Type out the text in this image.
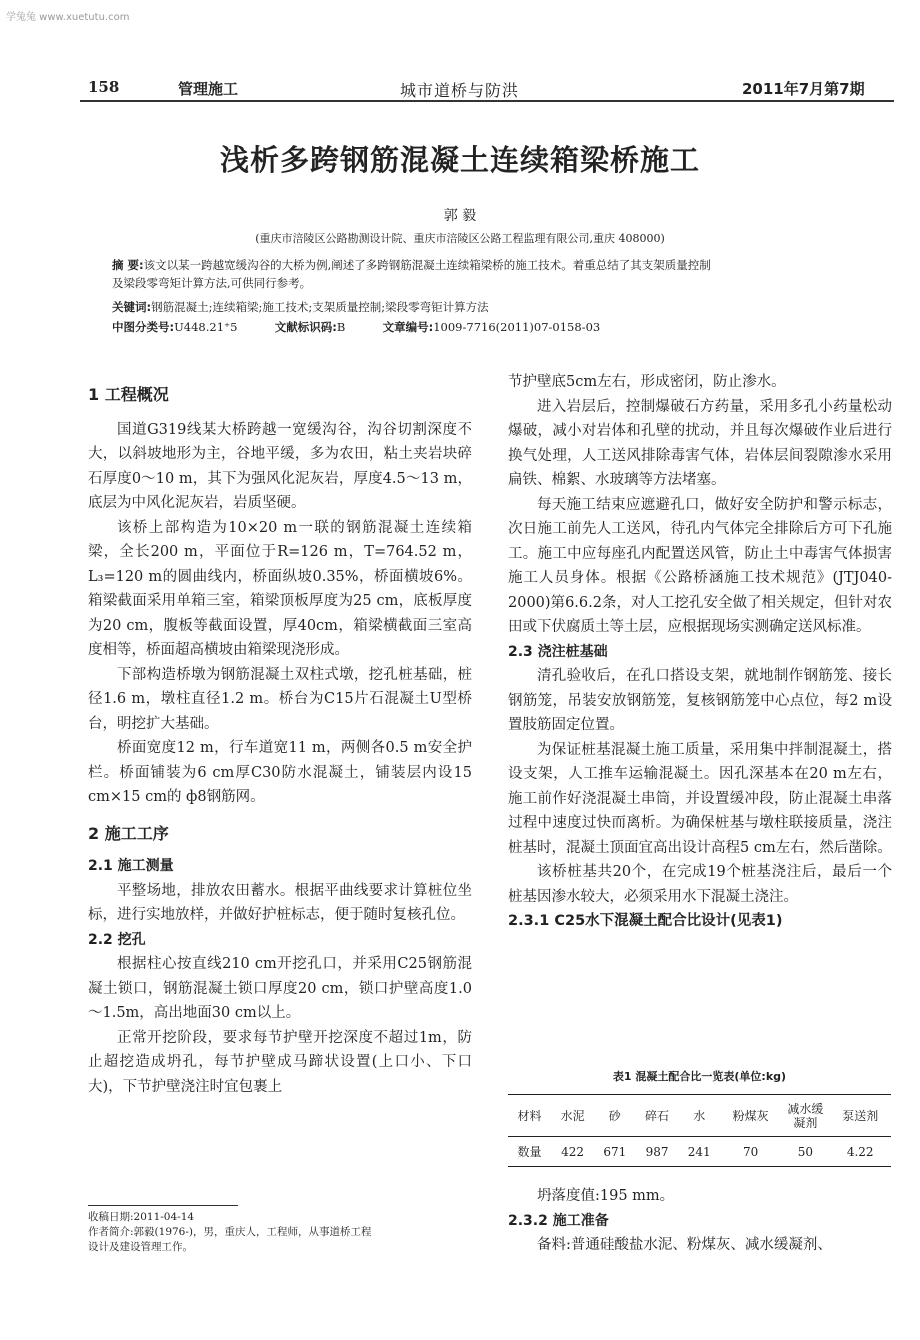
学兔兔 www.xuetutu.com
158	管理施工	城市道桥与防洪	2011年7月第7期
浅析多跨钢筋混凝土连续箱梁桥施工
郭 毅
(重庆市涪陵区公路勘测设计院、重庆市涪陵区公路工程监理有限公司,重庆 408000)
摘 要:该文以某一跨越宽缓沟谷的大桥为例,阐述了多跨钢筋混凝土连续箱梁桥的施工技术。着重总结了其支架质量控制
及梁段零弯矩计算方法,可供同行参考。
关键词:钢筋混凝土;连续箱梁;施工技术;支架质量控制;梁段零弯钜计算方法
中图分类号:U448.21⁺5	文献标识码:B	文章编号:1009-7716(2011)07-0158-03
1 工程概况

国道G319线某大桥跨越一宽缓沟谷，沟谷切割深度不大，以斜坡地形为主，谷地平缓，多为农田，粘土夹岩块碎石厚度0～10 m，其下为强风化泥灰岩，厚度4.5～13 m，底层为中风化泥灰岩，岩质坚硬。

该桥上部构造为10×20 m一联的钢筋混凝土连续箱梁，全长200 m，平面位于R=126 m，T=764.52 m，L₃=120 m的圆曲线内，桥面纵坡0.35%，桥面横坡6%。箱梁截面采用单箱三室，箱梁顶板厚度为25 cm，底板厚度为20 cm，腹板等截面设置，厚40cm，箱梁横截面三室高度相等，桥面超高横坡由箱梁现浇形成。

下部构造桥墩为钢筋混凝土双柱式墩，挖孔桩基础，桩径1.6 m，墩柱直径1.2 m。桥台为C15片石混凝土U型桥台，明挖扩大基础。

桥面宽度12 m，行车道宽11 m，两侧各0.5 m安全护栏。桥面铺装为6 cm厚C30防水混凝土，铺装层内设15 cm×15 cm的 ф8钢筋网。

2 施工工序
2.1 施工测量

平整场地，排放农田蓄水。根据平曲线要求计算桩位坐标，进行实地放样，并做好护桩标志，便于随时复核孔位。

2.2 挖孔

根据柱心按直线210 cm开挖孔口，并采用C25钢筋混凝土锁口，钢筋混凝土锁口厚度20 cm，锁口护壁高度1.0～1.5m，高出地面30 cm以上。

正常开挖阶段，要求每节护壁开挖深度不超过1m，防止超挖造成坍孔，每节护壁成马蹄状设置(上口小、下口大)，下节护壁浇注时宜包裹上

收稿日期:2011-04-14
作者简介:郭毅(1976-)，男，重庆人，工程师，从事道桥工程
设计及建设管理工作。

节护壁底5cm左右，形成密闭，防止渗水。

进入岩层后，控制爆破石方药量，采用多孔小药量松动爆破，减小对岩体和孔壁的扰动，并且每次爆破作业后进行换气处理，人工送风排除毒害气体，岩体层间裂隙渗水采用扁铁、棉絮、水玻璃等方法堵塞。

每天施工结束应遮避孔口，做好安全防护和警示标志，次日施工前先人工送风，待孔内气体完全排除后方可下孔施工。施工中应每座孔内配置送风管，防止土中毒害气体损害施工人员身体。根据《公路桥涵施工技术规范》(JTJ040-2000)第6.6.2条，对人工挖孔安全做了相关规定，但针对农田或下伏腐质土等土层，应根据现场实测确定送风标准。

2.3 浇注桩基础

清孔验收后，在孔口搭设支架，就地制作钢筋笼、接长钢筋笼，吊装安放钢筋笼，复核钢筋笼中心点位，每2 m设置肢筋固定位置。

为保证桩基混凝土施工质量，采用集中拌制混凝土，搭设支架，人工推车运输混凝土。因孔深基本在20 m左右，施工前作好浇混凝土串筒，并设置缓冲段，防止混凝土串落过程中速度过快而离析。为确保桩基与墩柱联接质量，浇注桩基时，混凝土顶面宜高出设计高程5 cm左右，然后凿除。

该桥桩基共20个，在完成19个桩基浇注后，最后一个桩基因渗水较大，必须采用水下混凝土浇注。

2.3.1 C25水下混凝土配合比设计(见表1)
表1 混凝土配合比一览表(单位:kg)
材料	水泥	砂	碎石	水	粉煤灰	减水缓凝剂	泵送剂
数量	422	671	987	241	70	50	4.22

坍落度值:195 mm。

2.3.2 施工准备

备料:普通硅酸盐水泥、粉煤灰、减水缓凝剂、
